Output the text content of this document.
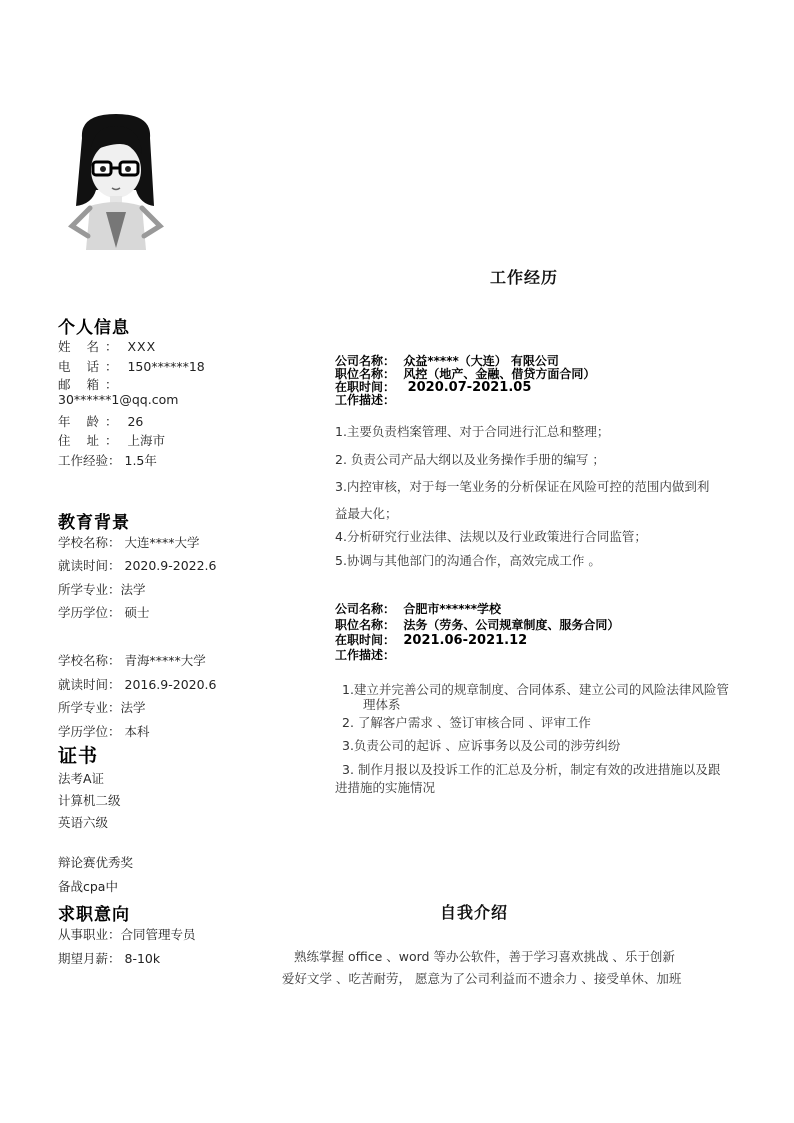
个人信息
姓 名： XXX
电 话： 150******18
邮 箱：
30******1@qq.com
年 龄： 26
住 址： 上海市
工作经验： 1.5年
教育背景
学校名称： 大连****大学
就读时间： 2020.9-2022.6
所学专业：法学
学历学位： 硕士
学校名称： 青海*****大学
就读时间： 2016.9-2020.6
所学专业：法学
学历学位： 本科
证书
法考A证
计算机二级
英语六级
辩论赛优秀奖
备战cpa中
求职意向
从事职业：合同管理专员
期望月薪： 8-10k
工作经历
公司名称： 众益*****（大连） 有限公司
职位名称： 风控（地产、金融、借贷方面合同）
在职时间： 2020.07-2021.05
工作描述：
1.主要负责档案管理、对于合同进行汇总和整理；
2. 负责公司产品大纲以及业务操作手册的编写 ；
3.内控审核，对于每一笔业务的分析保证在风险可控的范围内做到利
益最大化；
4.分析研究行业法律、法规以及行业政策进行合同监管；
5.协调与其他部门的沟通合作，高效完成工作 。
公司名称： 合肥市******学校
职位名称： 法务（劳务、公司规章制度、服务合同）
在职时间： 2021.06-2021.12
工作描述：
1.建立并完善公司的规章制度、合同体系、建立公司的风险法律风险管
理体系
2. 了解客户需求 、签订审核合同 、评审工作
3.负责公司的起诉 、应诉事务以及公司的涉劳纠纷
3. 制作月报以及投诉工作的汇总及分析，制定有效的改进措施以及跟
进措施的实施情况
自我介绍
熟练掌握 office 、word 等办公软件，善于学习喜欢挑战 、乐于创新
爱好文学 、吃苦耐劳， 愿意为了公司利益而不遗余力 、接受单休、加班
